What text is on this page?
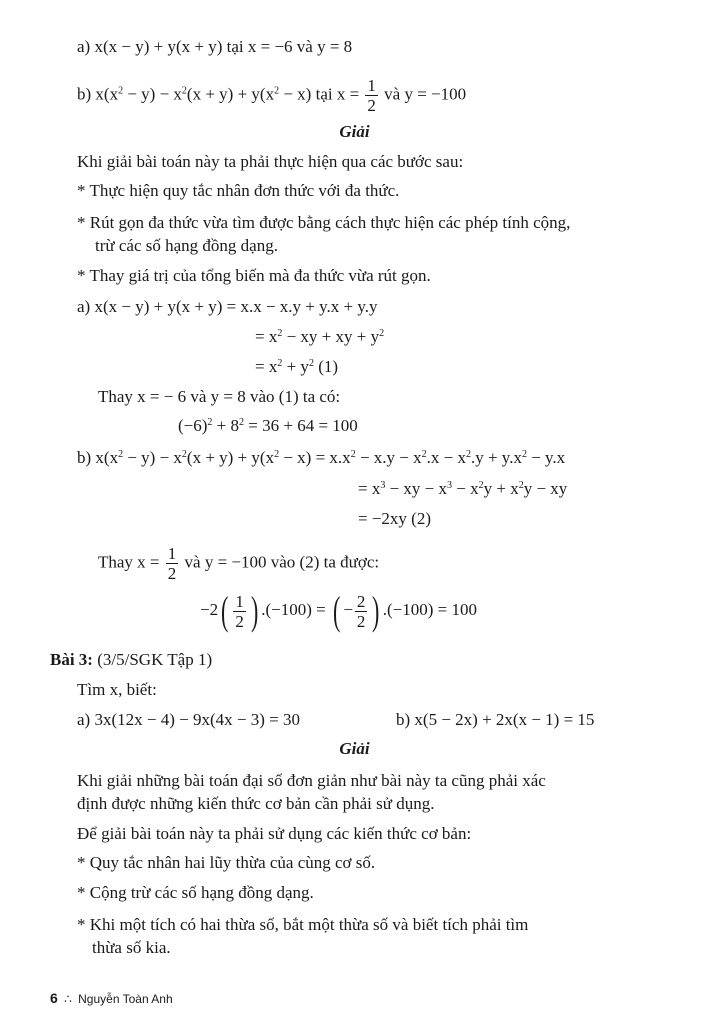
a) x(x − y) + y(x + y) tại x = −6 và y = 8
b) $x(x^2 - y) - x^2(x + y) + y(x^2 - x)$ tại $x = \frac{1}{2}$ và y = −100
Giải
Khi giải bài toán này ta phải thực hiện qua các bước sau:
* Thực hiện quy tắc nhân đơn thức với đa thức.
* Rút gọn đa thức vừa tìm được bằng cách thực hiện các phép tính cộng,
trừ các số hạng đồng dạng.
* Thay giá trị của tổng biến mà đa thức vừa rút gọn.
a) x(x − y) + y(x + y) = x.x − x.y + y.x + y.y
= $x^2$ − xy + xy + $y^2$
= $x^2 + y^2$ (1)
Thay x = − 6 và y = 8 vào (1) ta có:
$(-6)^2 + 8^2 = 36 + 64 = 100$
b) $x(x^2 - y) - x^2(x + y) + y(x^2 - x) = x.x^2 - x.y - x^2.x - x^2.y + y.x^2 - y.x$
= $x^3$ − xy − $x^3 - x^2y + x^2y$ − xy
= −2xy (2)
Thay $x = \frac{1}{2}$ và y = −100 vào (2) ta được:
$-2( \frac{1}{2}$ ) .(−100) = ( − $\frac{2}{2}$ ) .(−100) = 100
Bài 3: (3/5/SGK Tập 1)
Tìm x, biết:
a) 3x(12x − 4) − 9x(4x − 3) = 30	b) x(5 − 2x) + 2x(x − 1) = 15
Giải
Khi giải những bài toán đại số đơn giản như bài này ta cũng phải xác
định được những kiến thức cơ bản cần phải sử dụng.
Để giải bài toán này ta phải sử dụng các kiến thức cơ bản:
* Quy tắc nhân hai lũy thừa của cùng cơ số.
* Cộng trừ các số hạng đồng dạng.
* Khi một tích có hai thừa số, bắt một thừa số và biết tích phải tìm
thừa số kia.
6 ∴ Nguyễn Toàn Anh
